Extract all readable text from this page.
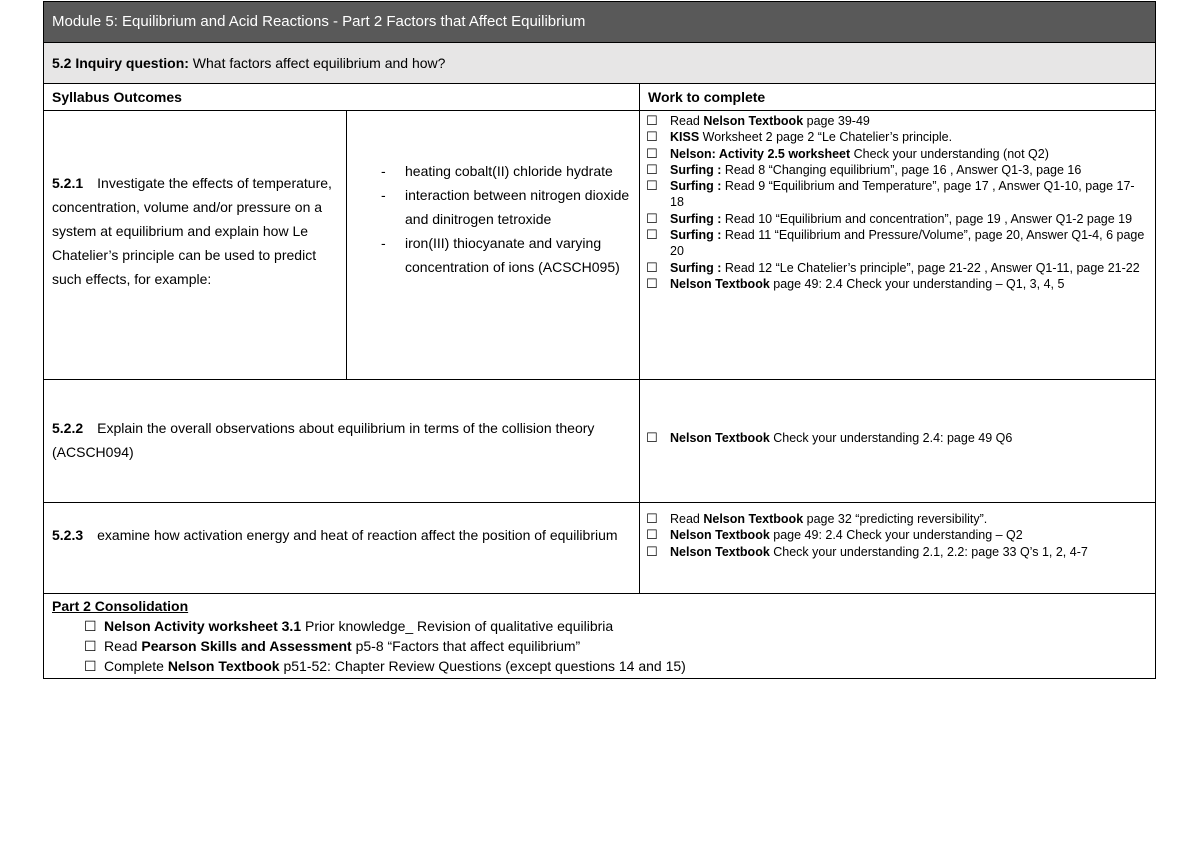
Module 5: Equilibrium and Acid Reactions - Part 2 Factors that Affect Equilibrium
5.2 Inquiry question: What factors affect equilibrium and how?
Syllabus Outcomes	Work to complete
5.2.1 Investigate the effects of temperature, concentration, volume and/or pressure on a system at equilibrium and explain how Le Chatelier’s principle can be used to predict such effects, for example:
- heating cobalt(II) chloride hydrate
- interaction between nitrogen dioxide and dinitrogen tetroxide
- iron(III) thiocyanate and varying concentration of ions (ACSCH095)
☐ Read Nelson Textbook page 39-49
☐ KISS Worksheet 2 page 2 “Le Chatelier’s principle.
☐ Nelson: Activity 2.5 worksheet Check your understanding (not Q2)
☐ Surfing : Read 8 “Changing equilibrium”, page 16 , Answer Q1-3, page 16
☐ Surfing : Read 9 “Equilibrium and Temperature”, page 17 , Answer Q1-10, page 17-18
☐ Surfing : Read 10 “Equilibrium and concentration”, page 19 , Answer Q1-2 page 19
☐ Surfing : Read 11 “Equilibrium and Pressure/Volume”, page 20, Answer Q1-4, 6 page 20
☐ Surfing : Read 12 “Le Chatelier’s principle”, page 21-22 , Answer Q1-11, page 21-22
☐ Nelson Textbook page 49: 2.4 Check your understanding – Q1, 3, 4, 5
5.2.2 Explain the overall observations about equilibrium in terms of the collision theory (ACSCH094)
☐ Nelson Textbook Check your understanding 2.4: page 49 Q6
5.2.3 examine how activation energy and heat of reaction affect the position of equilibrium
☐ Read Nelson Textbook page 32 “predicting reversibility”.
☐ Nelson Textbook page 49: 2.4 Check your understanding – Q2
☐ Nelson Textbook Check your understanding 2.1, 2.2: page 33 Q’s 1, 2, 4-7
Part 2 Consolidation
☐ Nelson Activity worksheet 3.1 Prior knowledge_ Revision of qualitative equilibria
☐ Read Pearson Skills and Assessment p5-8 “Factors that affect equilibrium”
☐ Complete Nelson Textbook p51-52: Chapter Review Questions (except questions 14 and 15)
